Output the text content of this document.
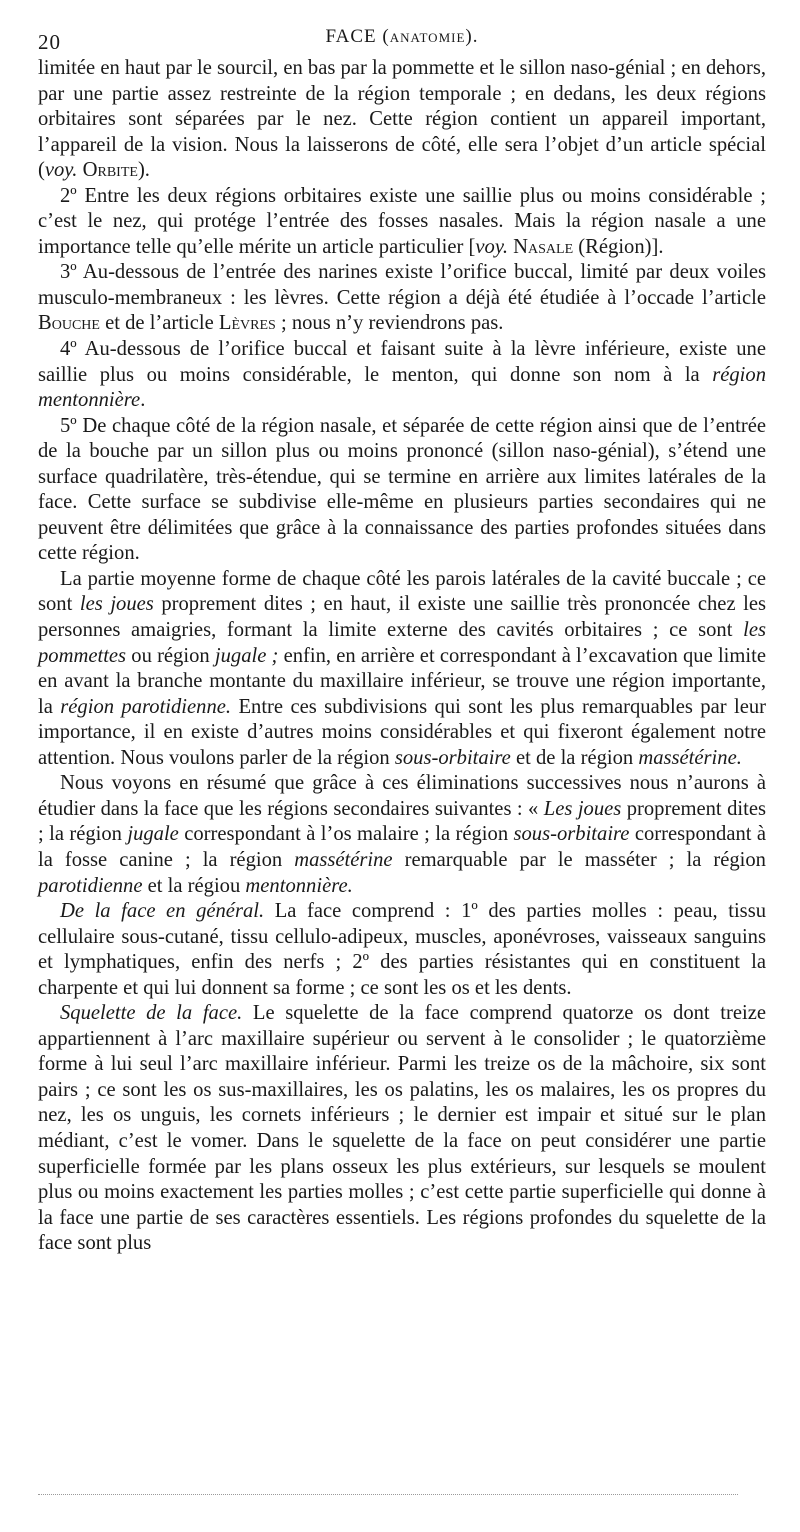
20	FACE (anatomie).

limitée en haut par le sourcil, en bas par la pommette et le sillon naso-génial ; en dehors, par une partie assez restreinte de la région temporale ; en dedans, les deux régions orbitaires sont séparées par le nez. Cette région contient un appareil important, l’appareil de la vision. Nous la laisserons de côté, elle sera l’objet d’un article spécial (voy. Orbite).

2º Entre les deux régions orbitaires existe une saillie plus ou moins considérable ; c’est le nez, qui protége l’entrée des fosses nasales. Mais la région nasale a une importance telle qu’elle mérite un article particulier [voy. Nasale (Région)].

3º Au-dessous de l’entrée des narines existe l’orifice buccal, limité par deux voiles musculo-membraneux : les lèvres. Cette région a déjà été étudiée à l’occade l’article Bouche et de l’article Lèvres ; nous n’y reviendrons pas.

4º Au-dessous de l’orifice buccal et faisant suite à la lèvre inférieure, existe une saillie plus ou moins considérable, le menton, qui donne son nom à la région mentonnière.

5º De chaque côté de la région nasale, et séparée de cette région ainsi que de l’entrée de la bouche par un sillon plus ou moins prononcé (sillon naso-génial), s’étend une surface quadrilatère, très-étendue, qui se termine en arrière aux limites latérales de la face. Cette surface se subdivise elle-même en plusieurs parties secondaires qui ne peuvent être délimitées que grâce à la connaissance des parties profondes situées dans cette région.

La partie moyenne forme de chaque côté les parois latérales de la cavité buccale ; ce sont les joues proprement dites ; en haut, il existe une saillie très prononcée chez les personnes amaigries, formant la limite externe des cavités orbitaires ; ce sont les pommettes ou région jugale ; enfin, en arrière et correspondant à l’excavation que limite en avant la branche montante du maxillaire inférieur, se trouve une région importante, la région parotidienne. Entre ces subdivisions qui sont les plus remarquables par leur importance, il en existe d’autres moins considérables et qui fixeront également notre attention. Nous voulons parler de la région sous-orbitaire et de la région massétérine.

Nous voyons en résumé que grâce à ces éliminations successives nous n’aurons à étudier dans la face que les régions secondaires suivantes : « Les joues proprement dites ; la région jugale correspondant à l’os malaire ; la région sous-orbitaire correspondant à la fosse canine ; la région massétérine remarquable par le masséter ; la région parotidienne et la régiou mentonnière.

De la face en général. La face comprend : 1º des parties molles : peau, tissu cellulaire sous-cutané, tissu cellulo-adipeux, muscles, aponévroses, vaisseaux sanguins et lymphatiques, enfin des nerfs ; 2º des parties résistantes qui en constituent la charpente et qui lui donnent sa forme ; ce sont les os et les dents.

Squelette de la face. Le squelette de la face comprend quatorze os dont treize appartiennent à l’arc maxillaire supérieur ou servent à le consolider ; le quatorzième forme à lui seul l’arc maxillaire inférieur. Parmi les treize os de la mâchoire, six sont pairs ; ce sont les os sus-maxillaires, les os palatins, les os malaires, les os propres du nez, les os unguis, les cornets inférieurs ; le dernier est impair et situé sur le plan médiant, c’est le vomer. Dans le squelette de la face on peut considérer une partie superficielle formée par les plans osseux les plus extérieurs, sur lesquels se moulent plus ou moins exactement les parties molles ; c’est cette partie superficielle qui donne à la face une partie de ses caractères essentiels. Les régions profondes du squelette de la face sont plus
